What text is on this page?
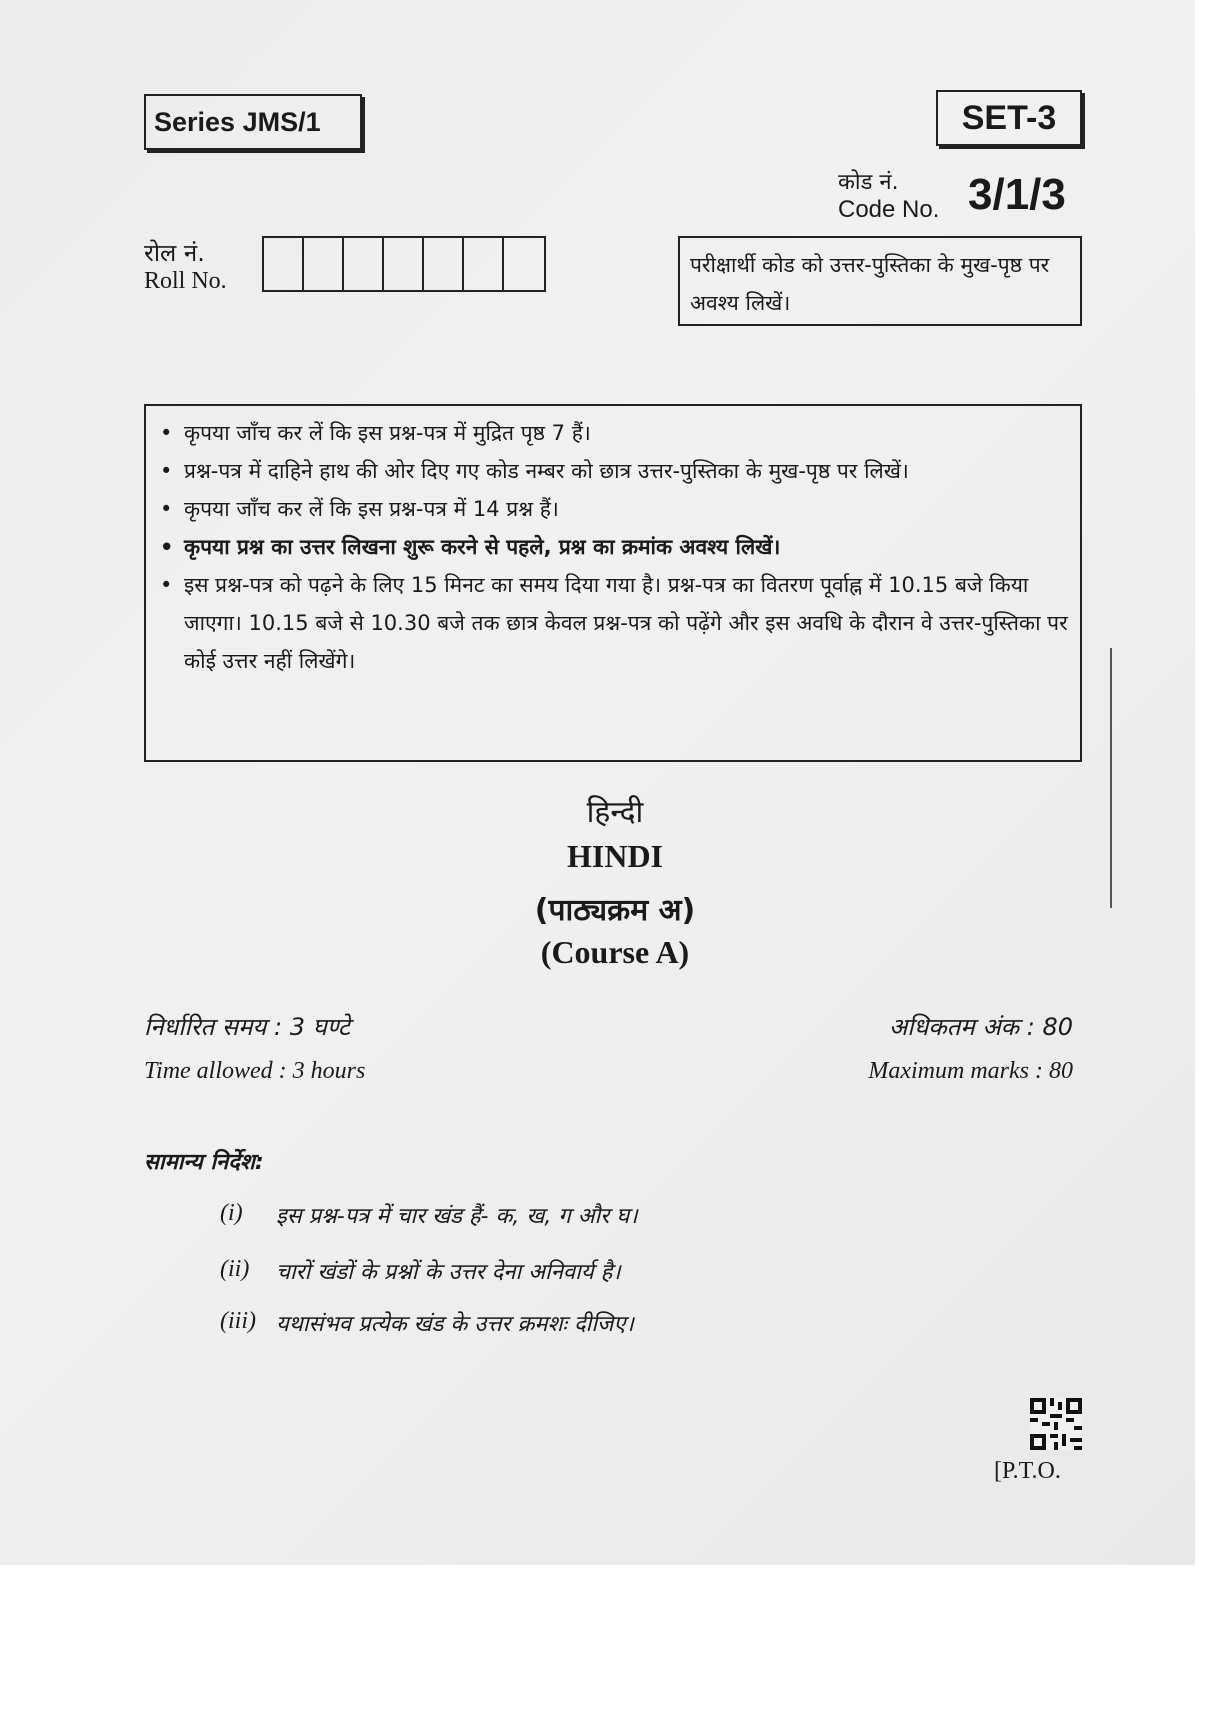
Series JMS/1	SET-3
कोड नं.
Code No. 3/1/3
रोल नं.
Roll No.
परीक्षार्थी कोड को उत्तर-पुस्तिका के मुख-पृष्ठ पर अवश्य लिखें।
• कृपया जाँच कर लें कि इस प्रश्न-पत्र में मुद्रित पृष्ठ 7 हैं।
• प्रश्न-पत्र में दाहिने हाथ की ओर दिए गए कोड नम्बर को छात्र उत्तर-पुस्तिका के मुख-पृष्ठ पर लिखें।
• कृपया जाँच कर लें कि इस प्रश्न-पत्र में 14 प्रश्न हैं।
• कृपया प्रश्न का उत्तर लिखना शुरू करने से पहले, प्रश्न का क्रमांक अवश्य लिखें।
• इस प्रश्न-पत्र को पढ़ने के लिए 15 मिनट का समय दिया गया है। प्रश्न-पत्र का वितरण पूर्वाह्न में 10.15 बजे किया जाएगा। 10.15 बजे से 10.30 बजे तक छात्र केवल प्रश्न-पत्र को पढ़ेंगे और इस अवधि के दौरान वे उत्तर-पुस्तिका पर कोई उत्तर नहीं लिखेंगे।
हिन्दी
HINDI
(पाठ्यक्रम अ)
(Course A)
निर्धारित समय : 3 घण्टे
Time allowed : 3 hours
अधिकतम अंक : 80
Maximum marks : 80
सामान्य निर्देश:
(i)	इस प्रश्न-पत्र में चार खंड हैं- क, ख, ग और घ।
(ii)	चारों खंडों के प्रश्नों के उत्तर देना अनिवार्य है।
(iii) यथासंभव प्रत्येक खंड के उत्तर क्रमशः दीजिए।
[P.T.O.
